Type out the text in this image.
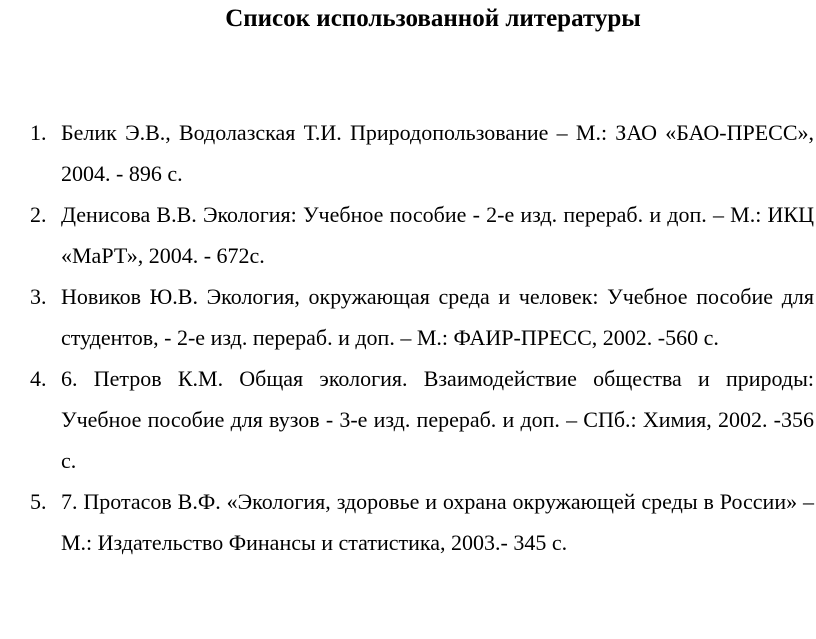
Список использованной литературы
1. Белик Э.В., Водолазская Т.И. Природопользование – М.: ЗАО «БАО-ПРЕСС», 2004. - 896 с.
2. Денисова В.В. Экология: Учебное пособие - 2-е изд. перераб. и доп. – М.: ИКЦ «МаРТ», 2004. - 672с.
3. Новиков Ю.В. Экология, окружающая среда и человек: Учебное пособие для студентов, - 2-е изд. перераб. и доп. – М.: ФАИР-ПРЕСС, 2002. -560 с.
4. 6. Петров К.М. Общая экология. Взаимодействие общества и природы: Учебное пособие для вузов - 3-е изд. перераб. и доп. – СПб.: Химия, 2002. -356 с.
5. 7. Протасов В.Ф. «Экология, здоровье и охрана окружающей среды в России» – М.: Издательство Финансы и статистика, 2003.- 345 с.
